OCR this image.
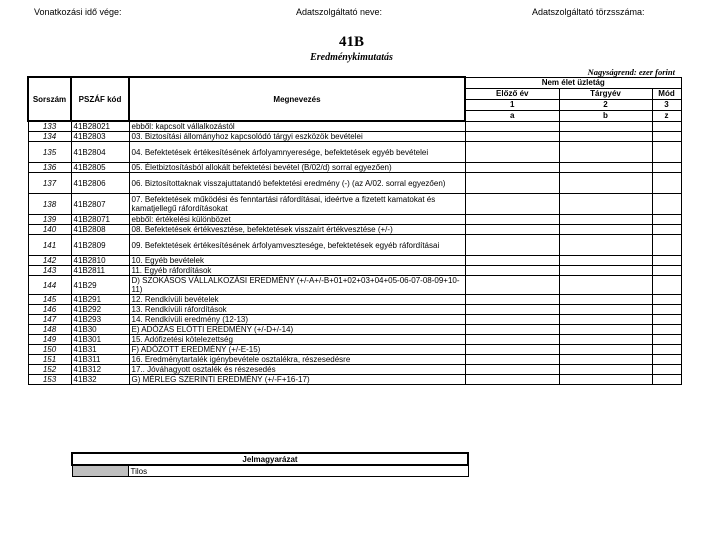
Vonatkozási idő vége:	Adatszolgáltató neve:	Adatszolgáltató törzsszáma:
41B
Eredménykimutatás
Nagyságrend: ezer forint
Sorszám	PSZÁF kód	Megnevezés	Nem élet üzletág		
			Előző év	Tárgyév	Mód
			1	2	3
			a	b	z
133	41B28021	ebből: kapcsolt vállalkozástól			
134	41B2803	03. Biztosítási állományhoz kapcsolódó tárgyi eszközök bevételei			
135	41B2804	04. Befektetések értékesítésének árfolyamnyeresége, befektetések egyéb bevételei			
136	41B2805	05. Életbiztosításból allokált befektetési bevétel (B/02/d) sorral egyezően)			
137	41B2806	06. Biztosítottaknak visszajuttatandó befektetési eredmény (-) (az A/02. sorral egyezően)			
138	41B2807	07. Befektetések működési és fenntartási ráfordításai, ideértve a fizetett kamatokat és kamatjellegű ráfordításokat			
139	41B28071	ebből: értékelési különbözet			
140	41B2808	08. Befektetések értékvesztése, befektetések visszaírt értékvesztése (+/-)			
141	41B2809	09. Befektetések értékesítésének árfolyamvesztesége, befektetések egyéb ráfordításai			
142	41B2810	10. Egyéb bevételek			
143	41B2811	11. Egyéb ráfordítások			
144	41B29	D) SZOKÁSOS VÁLLALKOZÁSI EREDMÉNY (+/-A+/-B+01+02+03+04+05-06-07-08-09+10-11)			
145	41B291	12. Rendkívüli bevételek			
146	41B292	13. Rendkívüli ráfordítások			
147	41B293	14. Rendkívüli eredmény (12-13)			
148	41B30	E) ADÓZÁS ELŐTTI EREDMÉNY (+/-D+/-14)			
149	41B301	15. Adófizetési kötelezettség			
150	41B31	F) ADÓZOTT EREDMÉNY (+/-E-15)			
151	41B311	16. Eredménytartalék igénybevétele osztalékra, részesedésre			
152	41B312	17.. Jóváhagyott osztalék és részesedés			
153	41B32	G) MÉRLEG SZERINTI EREDMÉNY (+/-F+16-17)			
Jelmagyarázat
	Tilos
